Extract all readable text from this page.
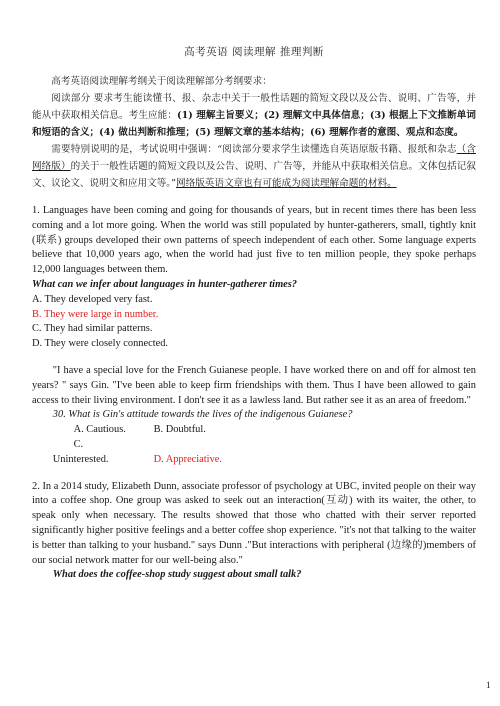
高考英语 阅读理解 推理判断

高考英语阅读理解考纲关于阅读理解部分考纲要求：

阅读部分 要求考生能读懂书、报、杂志中关于一般性话题的简短文段以及公告、说明、广告等，并能从中获取相关信息。考生应能：(1) 理解主旨要义；(2) 理解文中具体信息；(3) 根据上下文推断单词和短语的含义；(4) 做出判断和推理；(5) 理解文章的基本结构；(6) 理解作者的意图、观点和态度。

需要特别说明的是，考试说明中强调：“阅读部分要求学生读懂选自英语原版书籍、报纸和杂志（含网络版）的关于一般性话题的简短文段以及公告、说明、广告等，并能从中获取相关信息。文体包括记叙文、议论文、说明文和应用文等。”网络版英语文章也有可能成为阅读理解命题的材料。

1. Languages have been coming and going for thousands of years, but in recent times there has been less coming and a lot more going. When the world was still populated by hunter-gatherers, small, tightly knit (联系) groups developed their own patterns of speech independent of each other. Some language experts believe that 10,000 years ago, when the world had just five to ten million people, they spoke perhaps 12,000 languages between them.

What can we infer about languages in hunter-gatherer times?

A. They developed very fast.

B. They were large in number.

C. They had similar patterns.

D. They were closely connected.

"I have a special love for the French Guianese people. I have worked there on and off for almost ten years? " says Gin. "I've been able to keep firm friendships with them. Thus I have been allowed to gain access to their living environment. I don't see it as a lawless land. But rather see it as an area of freedom."

30. What is Gin's attitude towards the lives of the indigenous Guianese?

A. Cautious.	B. Doubtful.

C. Uninterested.	D. Appreciative.

2. In a 2014 study, Elizabeth Dunn, associate professor of psychology at UBC, invited people on their way into a coffee shop. One group was asked to seek out an interaction(互动) with its waiter, the other, to speak only when necessary. The results showed that those who chatted with their server reported significantly higher positive feelings and a better coffee shop experience. "it's not that talking to the waiter is better than talking to your husband." says Dunn ."But interactions with peripheral (边缘的)members of our social network matter for our well-being also."

What does the coffee-shop study suggest about small talk?

1
